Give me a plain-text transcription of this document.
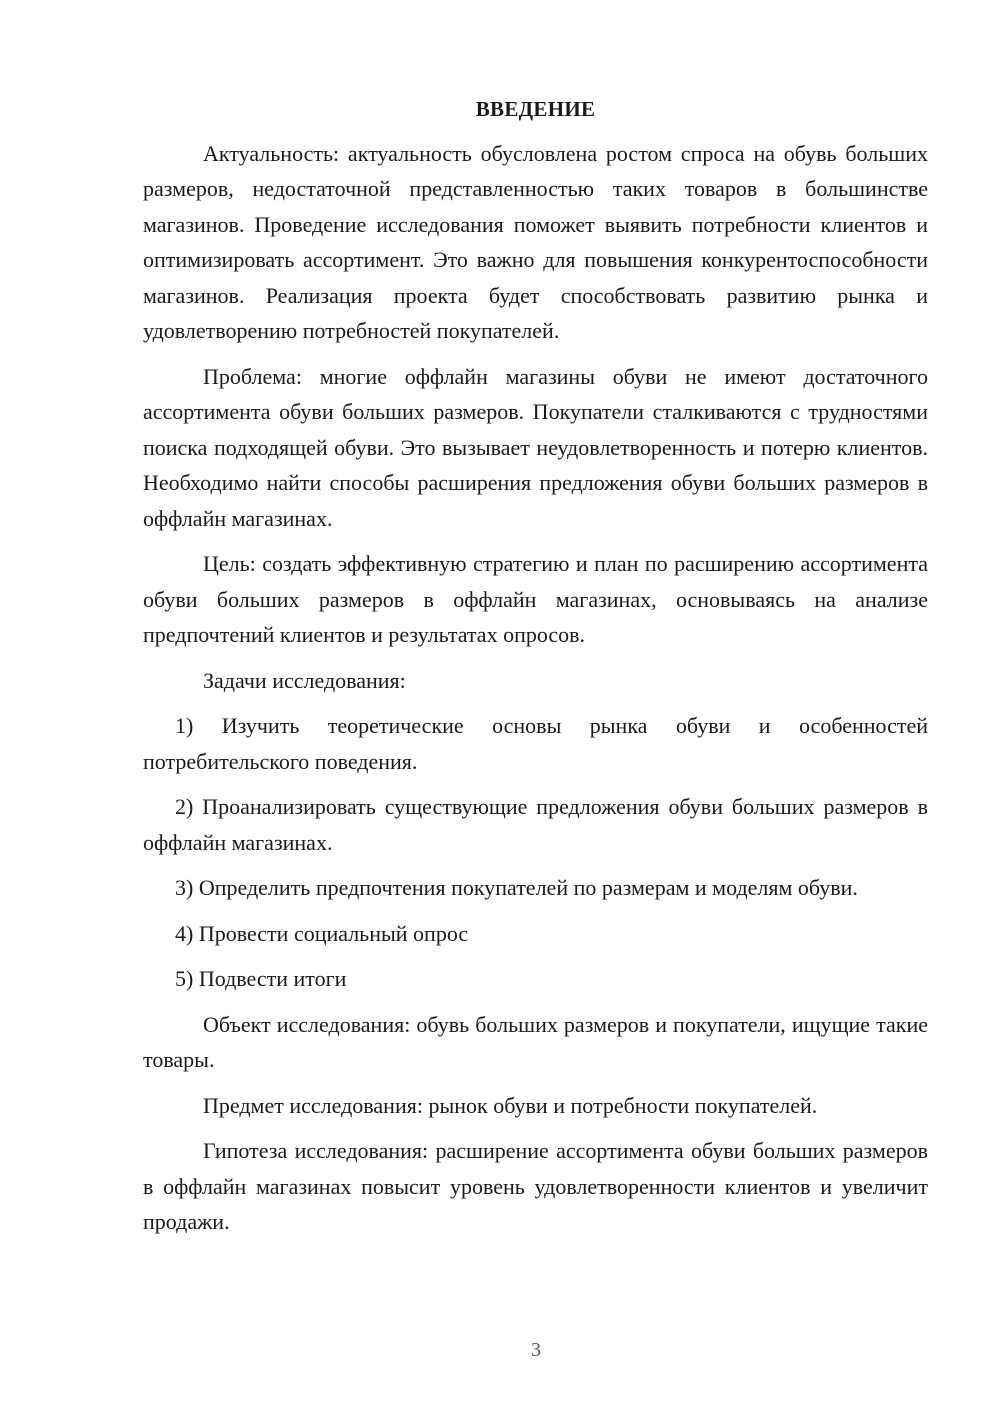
ВВЕДЕНИЕ

Актуальность: актуальность обусловлена ростом спроса на обувь больших размеров, недостаточной представленностью таких товаров в большинстве магазинов. Проведение исследования поможет выявить потребности клиентов и оптимизировать ассортимент. Это важно для повышения конкурентоспособности магазинов. Реализация проекта будет способствовать развитию рынка и удовлетворению потребностей покупателей.

Проблема: многие оффлайн магазины обуви не имеют достаточного ассортимента обуви больших размеров. Покупатели сталкиваются с трудностями поиска подходящей обуви. Это вызывает неудовлетворенность и потерю клиентов. Необходимо найти способы расширения предложения обуви больших размеров в оффлайн магазинах.

Цель: создать эффективную стратегию и план по расширению ассортимента обуви больших размеров в оффлайн магазинах, основываясь на анализе предпочтений клиентов и результатах опросов.

Задачи исследования:

1) Изучить теоретические основы рынка обуви и особенностей потребительского поведения.

2) Проанализировать существующие предложения обуви больших размеров в оффлайн магазинах.

3) Определить предпочтения покупателей по размерам и моделям обуви.

4) Провести социальный опрос

5) Подвести итоги

Объект исследования: обувь больших размеров и покупатели, ищущие такие товары.

Предмет исследования: рынок обуви и потребности покупателей.

Гипотеза исследования: расширение ассортимента обуви больших размеров в оффлайн магазинах повысит уровень удовлетворенности клиентов и увеличит продажи.

3
